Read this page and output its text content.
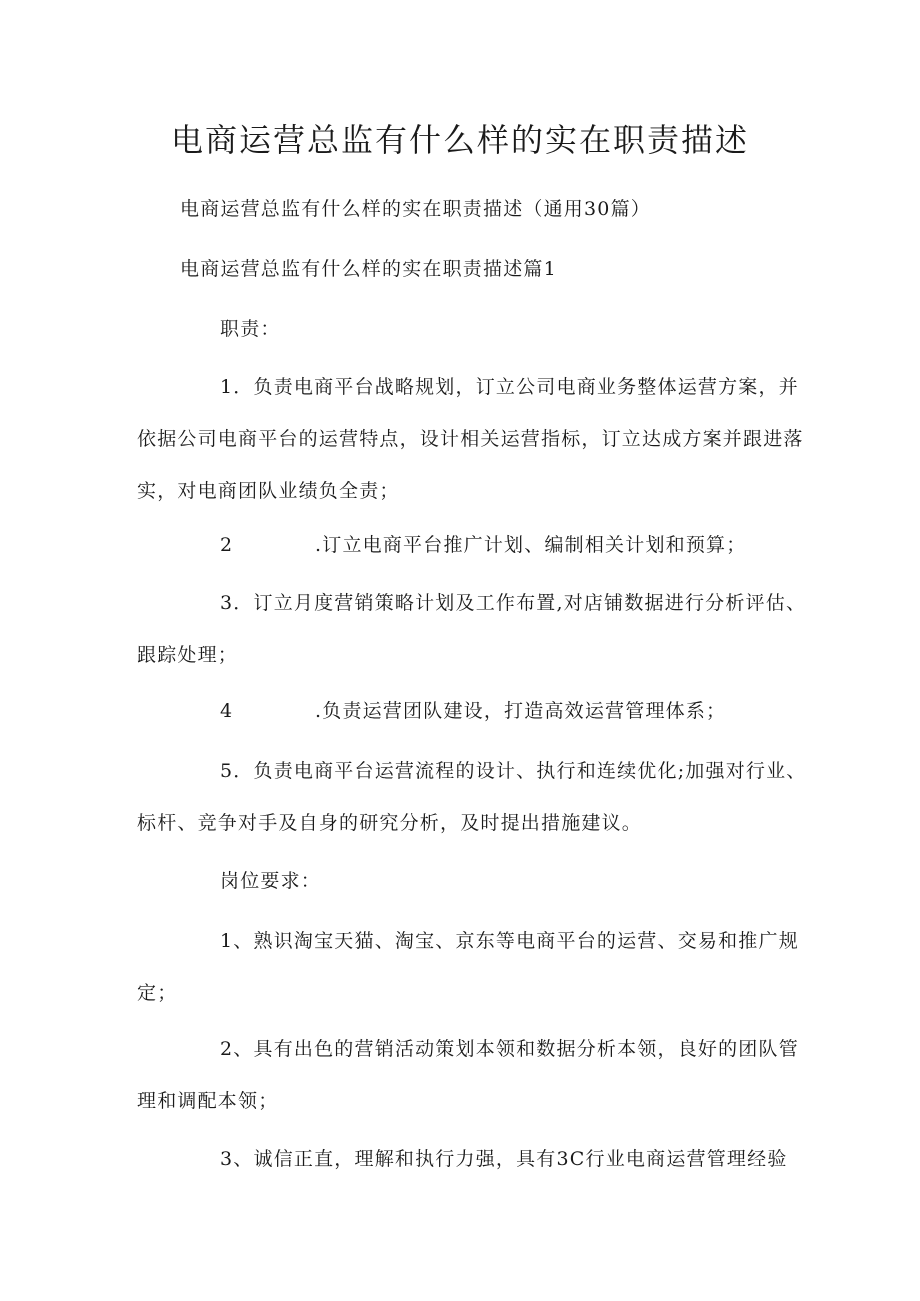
电商运营总监有什么样的实在职责描述
电商运营总监有什么样的实在职责描述（通用30篇）
电商运营总监有什么样的实在职责描述篇1
职责：
1．负责电商平台战略规划，订立公司电商业务整体运营方案，并
依据公司电商平台的运营特点，设计相关运营指标，订立达成方案并跟进落
实，对电商团队业绩负全责；
2	.订立电商平台推广计划、编制相关计划和预算；
3．订立月度营销策略计划及工作布置,对店铺数据进行分析评估、
跟踪处理；
4	.负责运营团队建设，打造高效运营管理体系；
5．负责电商平台运营流程的设计、执行和连续优化;加强对行业、
标杆、竞争对手及自身的研究分析，及时提出措施建议。
岗位要求：
1、熟识淘宝天猫、淘宝、京东等电商平台的运营、交易和推广规
定；
2、具有出色的营销活动策划本领和数据分析本领，良好的团队管
理和调配本领；
3、诚信正直，理解和执行力强，具有3C行业电商运营管理经验
